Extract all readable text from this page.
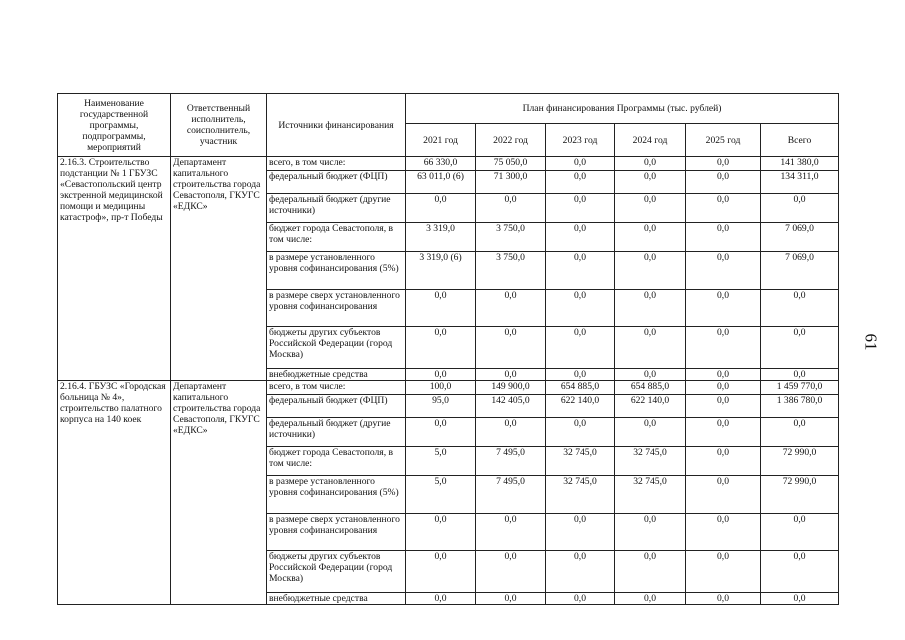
Наименование государственной программы, подпрограммы, мероприятий	Ответственный исполнитель, соисполнитель, участник	Источники финансирования	План финансирования Программы (тыс. рублей)					
			2021 год	2022 год	2023 год	2024 год	2025 год	Всего
2.16.3. Строительство подстанции № 1 ГБУЗС «Севастопольский центр экстренной медицинской помощи и медицины катастроф», пр-т Победы	Департамент капитального строительства города Севастополя, ГКУГС «ЕДКС»	всего, в том числе:	66 330,0	75 050,0	0,0	0,0	0,0	141 380,0
		федеральный бюджет (ФЦП)	63 011,0 (6)	71 300,0	0,0	0,0	0,0	134 311,0
		федеральный бюджет (другие источники)	0,0	0,0	0,0	0,0	0,0	0,0
		бюджет города Севастополя, в том числе:	3 319,0	3 750,0	0,0	0,0	0,0	7 069,0
		в размере установленного уровня софинансирования (5%)	3 319,0 (6)	3 750,0	0,0	0,0	0,0	7 069,0
		в размере сверх установленного уровня софинансирования	0,0	0,0	0,0	0,0	0,0	0,0
		бюджеты других субъектов Российской Федерации (город Москва)	0,0	0,0	0,0	0,0	0,0	0,0
		внебюджетные средства	0,0	0,0	0,0	0,0	0,0	0,0
2.16.4. ГБУЗС «Городская больница № 4», строительство палатного корпуса на 140 коек	Департамент капитального строительства города Севастополя, ГКУГС «ЕДКС»	всего, в том числе:	100,0	149 900,0	654 885,0	654 885,0	0,0	1 459 770,0
		федеральный бюджет (ФЦП)	95,0	142 405,0	622 140,0	622 140,0	0,0	1 386 780,0
		федеральный бюджет (другие источники)	0,0	0,0	0,0	0,0	0,0	0,0
		бюджет города Севастополя, в том числе:	5,0	7 495,0	32 745,0	32 745,0	0,0	72 990,0
		в размере установленного уровня софинансирования (5%)	5,0	7 495,0	32 745,0	32 745,0	0,0	72 990,0
		в размере сверх установленного уровня софинансирования	0,0	0,0	0,0	0,0	0,0	0,0
		бюджеты других субъектов Российской Федерации (город Москва)	0,0	0,0	0,0	0,0	0,0	0,0
		внебюджетные средства	0,0	0,0	0,0	0,0	0,0	0,0
61
